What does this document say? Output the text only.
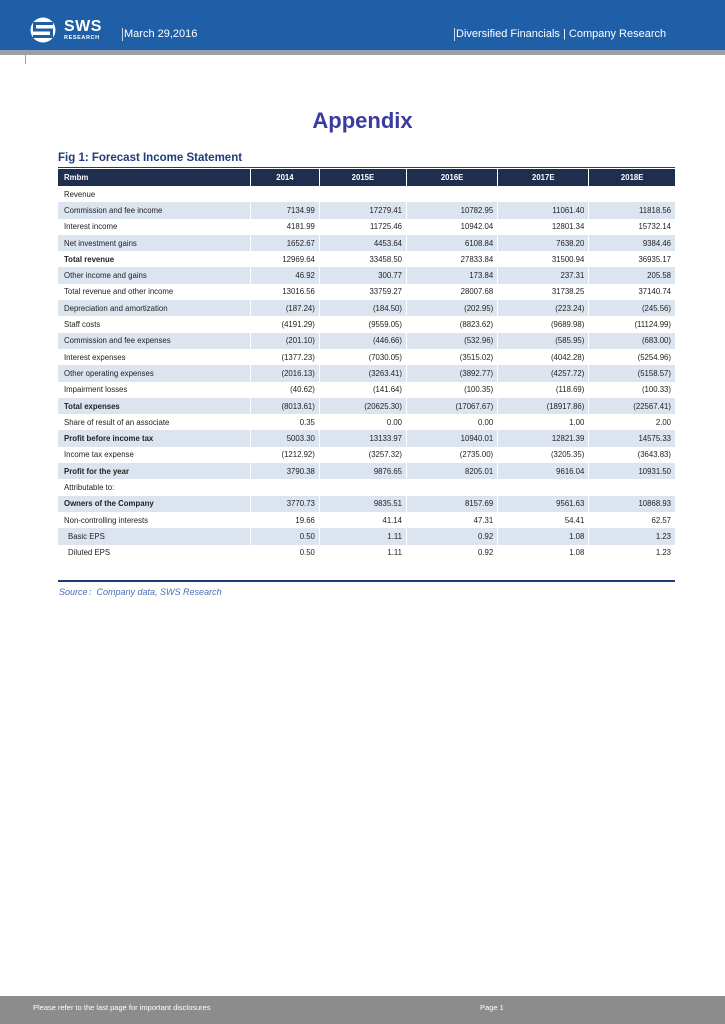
SWS
RESEARCH March 29,2016	Diversified Financials | Company Research
Appendix
Fig 1: Forecast Income Statement
Rmbm	2014	2015E	2016E	2017E	2018E
Revenue					
Commission and fee income	7134.99	17279.41	10782.95	11061.40	11818.56
Interest income	4181.99	11725.46	10942.04	12801.34	15732.14
Net investment gains	1652.67	4453.64	6108.84	7638.20	9384.46
Total revenue	12969.64	33458.50	27833.84	31500.94	36935.17
Other income and gains	46.92	300.77	173.84	237.31	205.58
Total revenue and other income	13016.56	33759.27	28007.68	31738.25	37140.74
Depreciation and amortization	(187.24)	(184.50)	(202.95)	(223.24)	(245.56)
Staff costs	(4191.29)	(9559.05)	(8823.62)	(9689.98)	(11124.99)
Commission and fee expenses	(201.10)	(446.66)	(532.96)	(585.95)	(683.00)
Interest expenses	(1377.23)	(7030.05)	(3515.02)	(4042.28)	(5254.96)
Other operating expenses	(2016.13)	(3263.41)	(3892.77)	(4257.72)	(5158.57)
Impairment losses	(40.62)	(141.64)	(100.35)	(118.69)	(100.33)
Total expenses	(8013.61)	(20625.30)	(17067.67)	(18917.86)	(22567.41)
Share of result of an associate	0.35	0.00	0.00	1.00	2.00
Profit before income tax	5003.30	13133.97	10940.01	12821.39	14575.33
Income tax expense	(1212.92)	(3257.32)	(2735.00)	(3205.35)	(3643.83)
Profit for the year	3790.38	9876.65	8205.01	9616.04	10931.50
Attributable to:					
Owners of the Company	3770.73	9835.51	8157.69	9561.63	10868.93
Non-controlling interests	19.66	41.14	47.31	54.41	62.57
Basic EPS	0.50	1.11	0.92	1.08	1.23
Diluted EPS	0.50	1.11	0.92	1.08	1.23
Source：Company data, SWS Research
Please refer to the last page for important disclosures	Page 1
